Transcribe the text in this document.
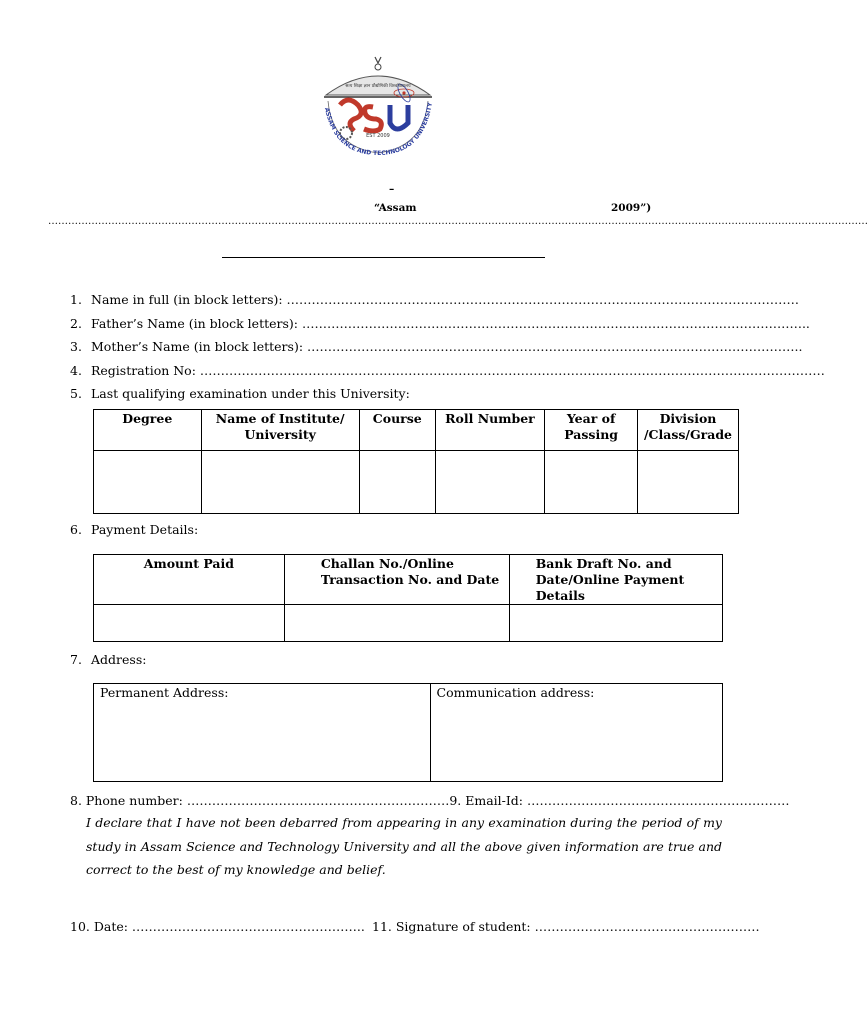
सत्य शिक्षा ज्ञान प्रौद्योगिकी विश्वविद्यालय
EST 2009
ASSAM SCIENCE AND TECHNOLOGY UNIVERSITY
–
“Assam	2009”)
…………………………………………………………………………………………………………………………………………………………………………………………………………………………
1. Name in full (in block letters): ……………………………………………………………………………………………………………
2. Father’s Name (in block letters): …………………………………………………………………………………………………………..
3. Mother’s Name (in block letters): ………………………………………………………………………………………………………..
4. Registration No: ……………………………………………………………………………………………………………………………………
5. Last qualifying examination under this University:
Degree	Name of Institute/ University	Course	Roll Number	Year of Passing	Division /Class/Grade

6. Payment Details:
Amount Paid	Challan No./Online Transaction No. and Date	Bank Draft No. and Date/Online Payment Details

7. Address:
Permanent Address:	Communication address:
8. Phone number: ………………………………………………………9. Email-Id: ………………………………………………………
I declare that I have not been debarred from appearing in any examination during the period of my study in Assam Science and Technology University and all the above given information are true and correct to the best of my knowledge and belief.
10. Date: ……………………………………………….. 11. Signature of student: ………………………………………………
